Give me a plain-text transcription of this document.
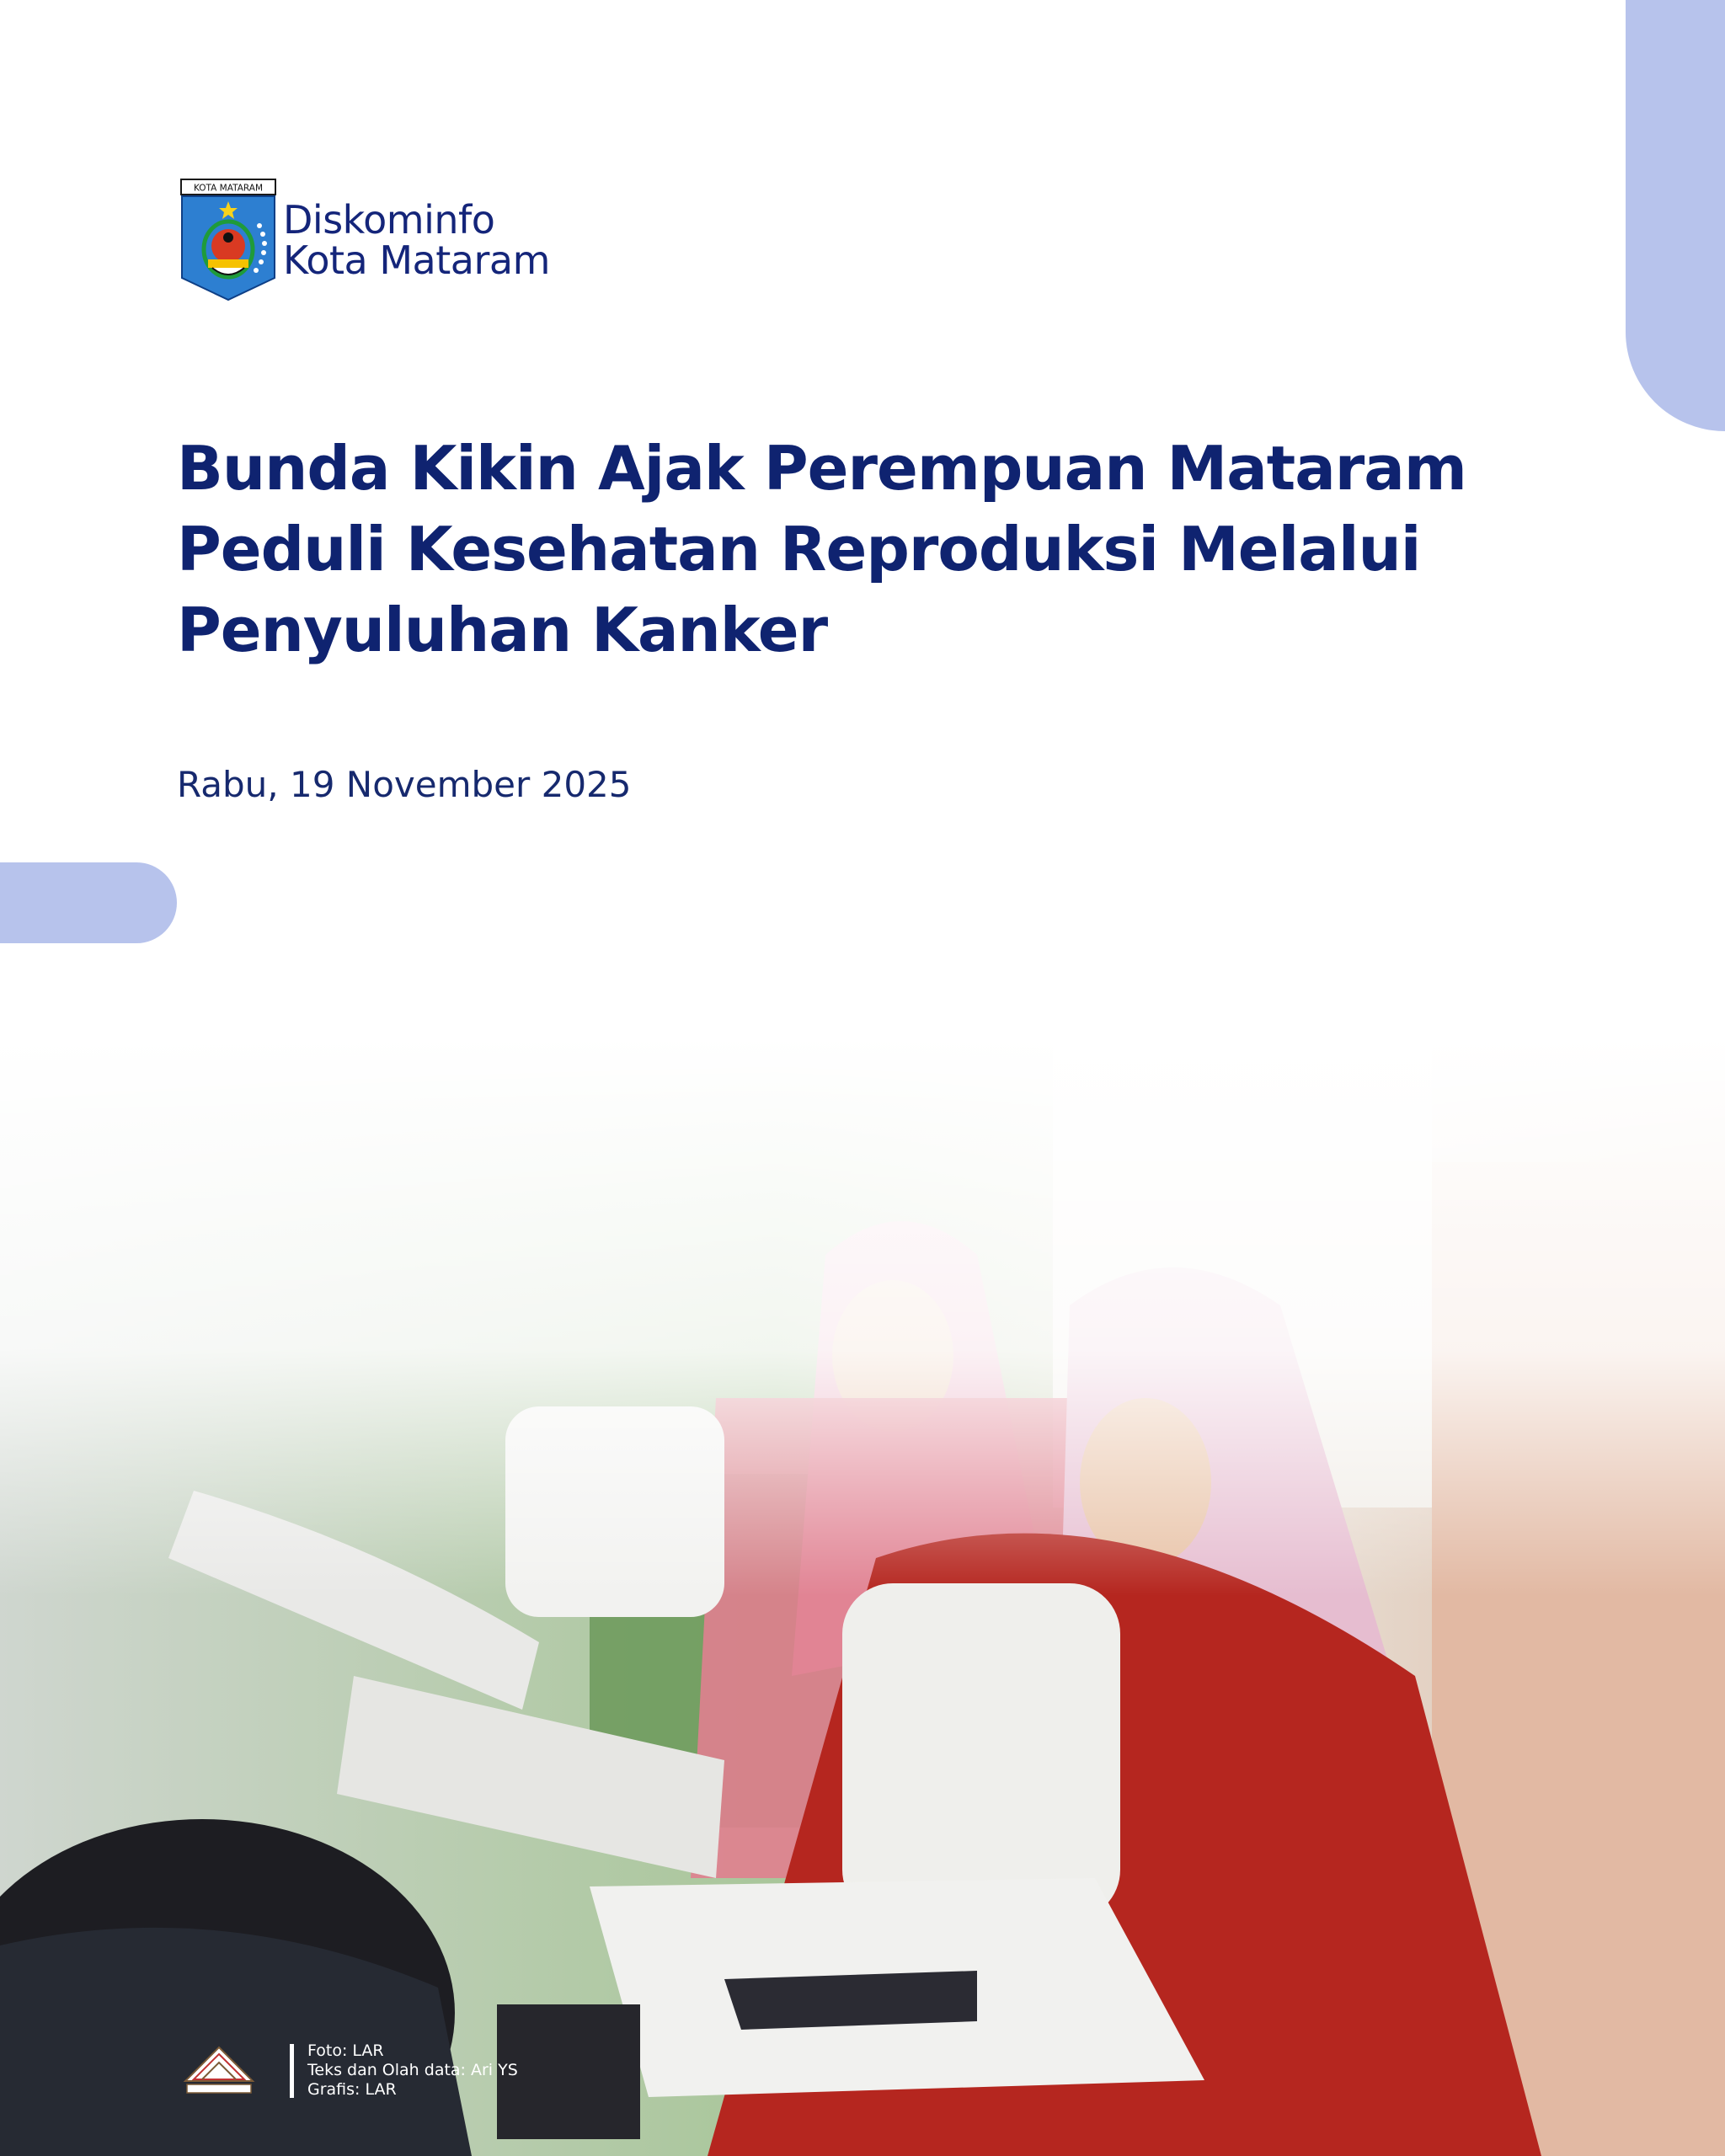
KOTA MATARAM
Diskominfo
Kota Mataram
Bunda Kikin Ajak Perempuan Mataram
Peduli Kesehatan Reproduksi Melalui
Penyuluhan Kanker

Rabu, 19 November 2025

Foto: LAR
Teks dan Olah data: Ari YS
Grafis: LAR
